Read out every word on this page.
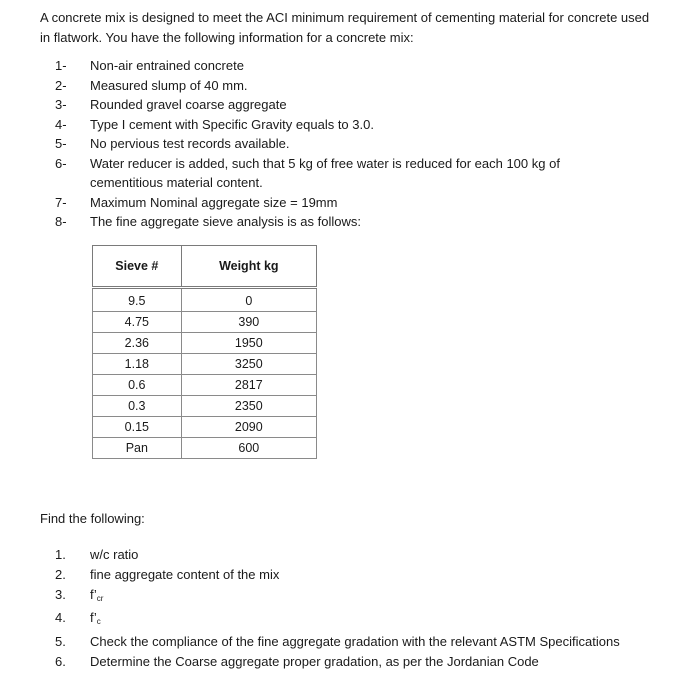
A concrete mix is designed to meet the ACI minimum requirement of cementing material for concrete used in flatwork. You have the following information for a concrete mix:

1- Non-air entrained concrete
2- Measured slump of 40 mm.
3- Rounded gravel coarse aggregate
4- Type I cement with Specific Gravity equals to 3.0.
5- No pervious test records available.
6- Water reducer is added, such that 5 kg of free water is reduced for each 100 kg of cementitious material content.
7- Maximum Nominal aggregate size = 19mm
8- The fine aggregate sieve analysis is as follows:
Sieve #	Weight kg
9.5	0
4.75	390
2.36	1950
1.18	3250
0.6	2817
0.3	2350
0.15	2090
Pan	600

Find the following:

1. w/c ratio
2. fine aggregate content of the mix
3. $f’_{cr}$
4. $f’_c$
5. Check the compliance of the fine aggregate gradation with the relevant ASTM Specifications
6. Determine the Coarse aggregate proper gradation, as per the Jordanian Code
